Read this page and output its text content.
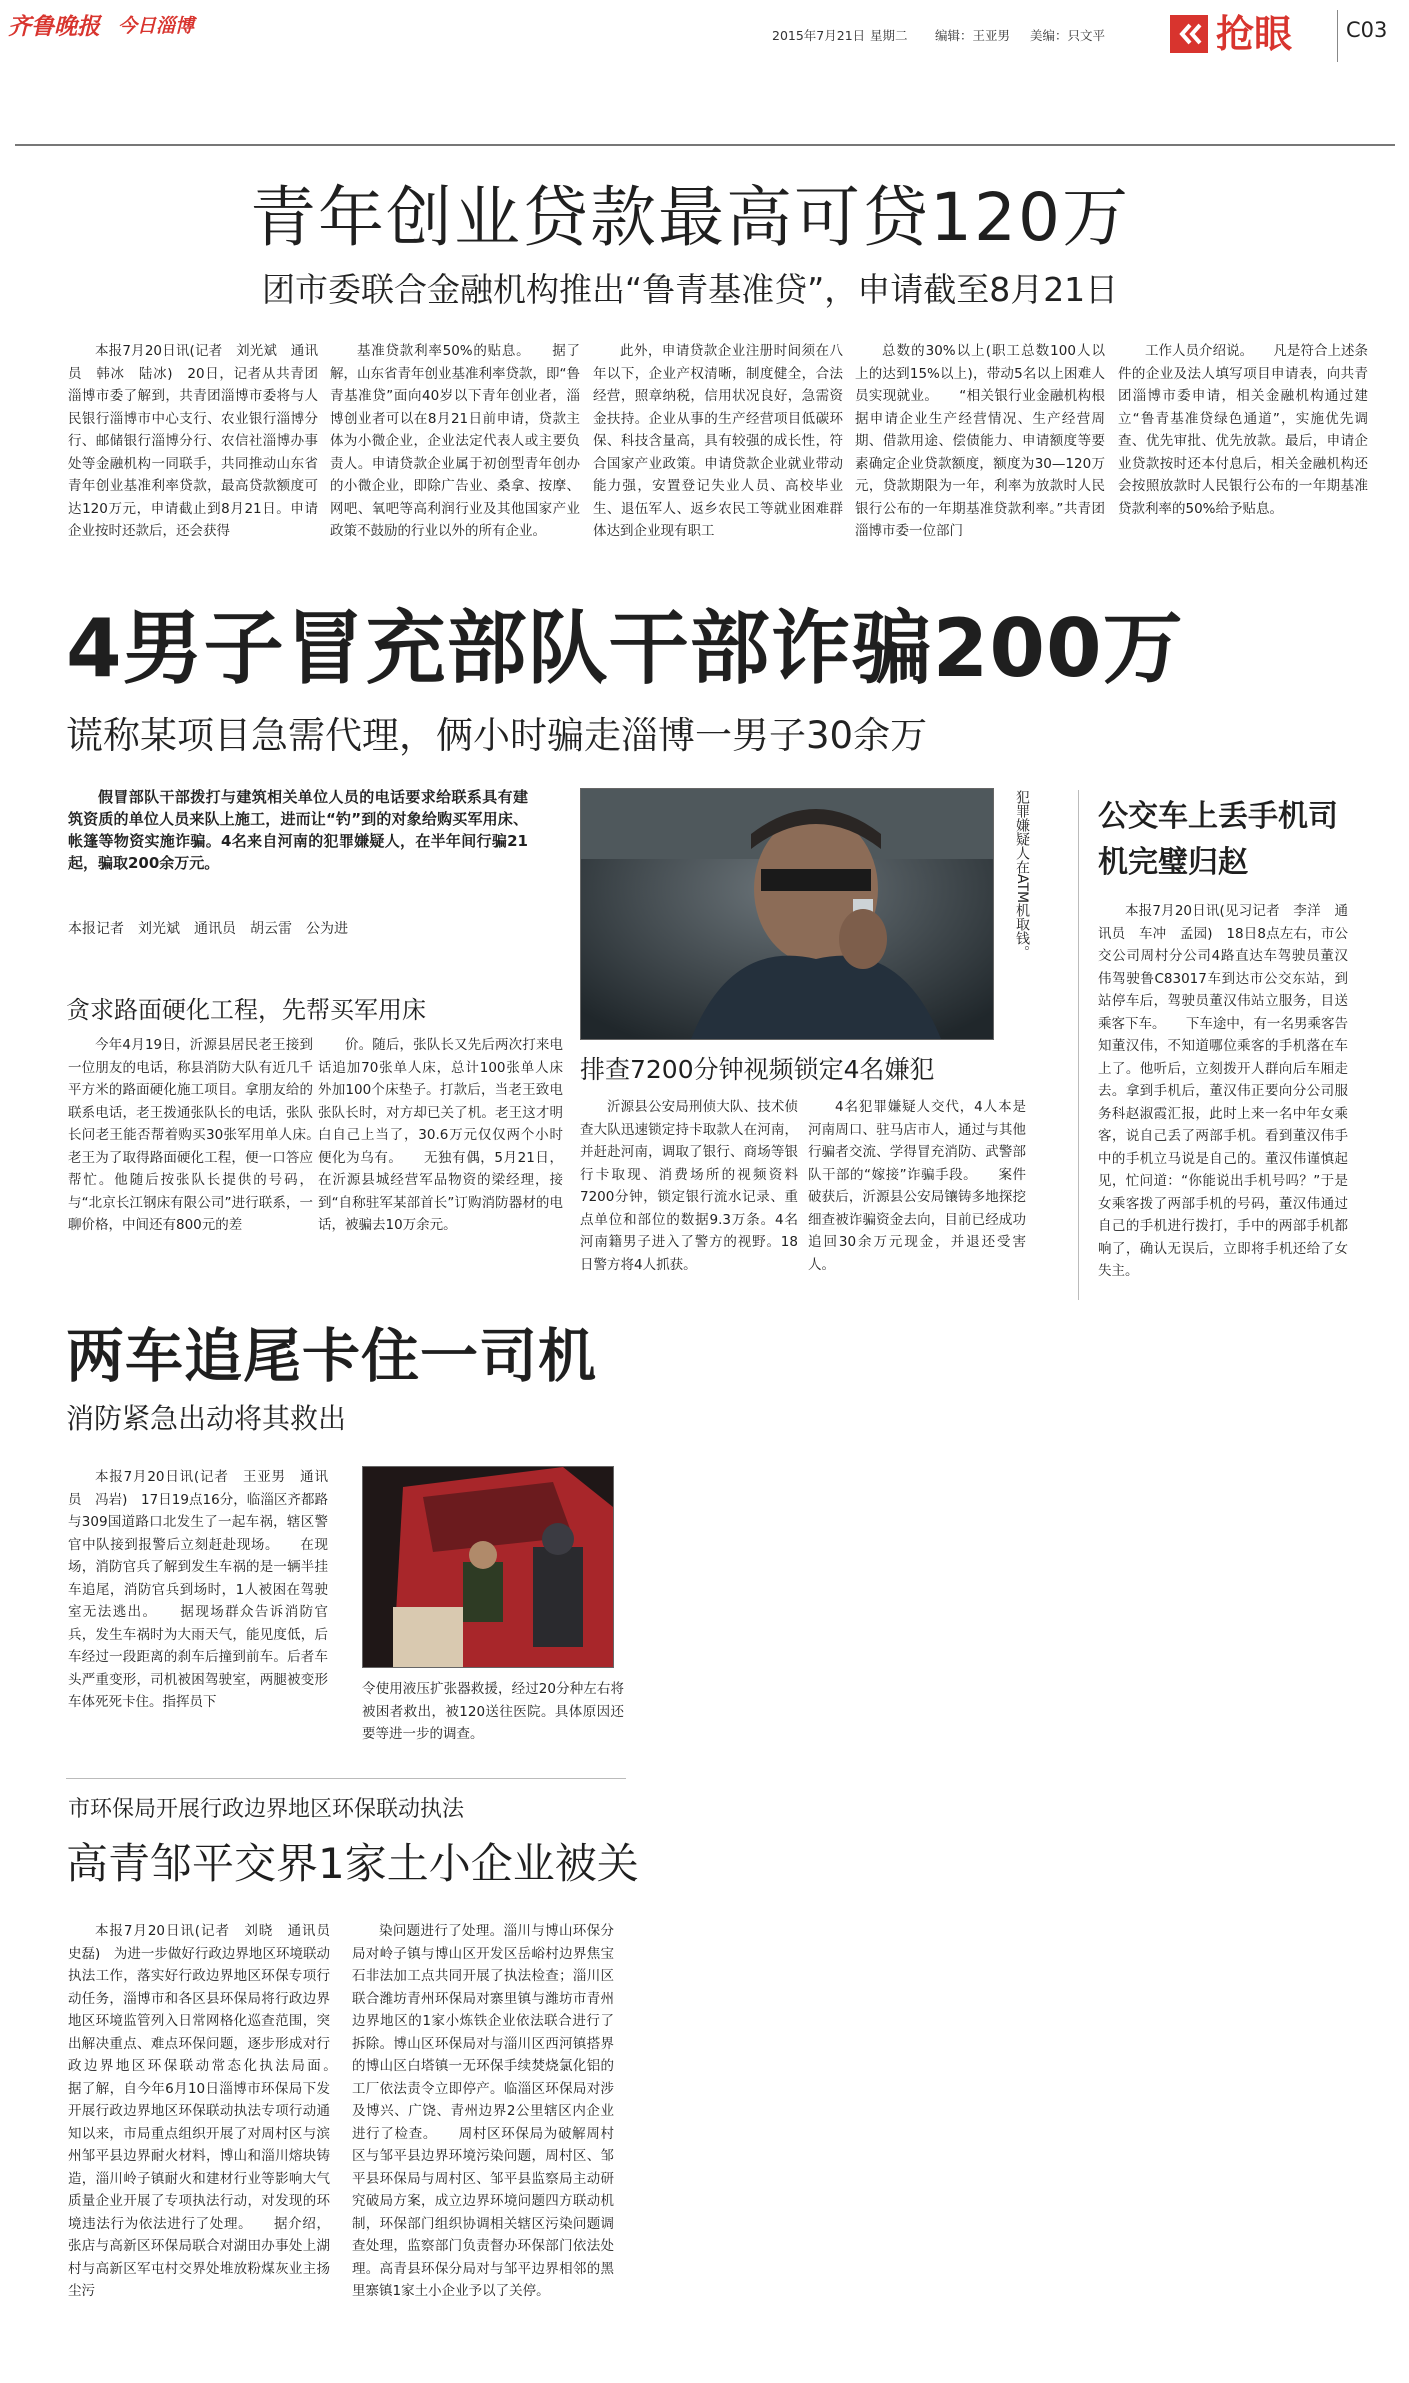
齐鲁晚报 今日淄博	2015年7月21日 星期二 编辑：王亚男 美编：只文平	抢眼	C03
青年创业贷款最高可贷120万
团市委联合金融机构推出“鲁青基准贷”，申请截至8月21日

本报7月20日讯(记者　刘光斌　通讯员　韩冰　陆冰)　20日，记者从共青团淄博市委了解到，共青团淄博市委将与人民银行淄博市中心支行、农业银行淄博分行、邮储银行淄博分行、农信社淄博办事处等金融机构一同联手，共同推动山东省青年创业基准利率贷款，最高贷款额度可达120万元，申请截止到8月21日。申请企业按时还款后，还会获得

基准贷款利率50%的贴息。　　据了解，山东省青年创业基准利率贷款，即“鲁青基准贷”面向40岁以下青年创业者，淄博创业者可以在8月21日前申请，贷款主体为小微企业，企业法定代表人或主要负责人。申请贷款企业属于初创型青年创办的小微企业，即除广告业、桑拿、按摩、网吧、氧吧等高利润行业及其他国家产业政策不鼓励的行业以外的所有企业。

此外，申请贷款企业注册时间须在八年以下，企业产权清晰，制度健全，合法经营，照章纳税，信用状况良好，急需资金扶持。企业从事的生产经营项目低碳环保、科技含量高，具有较强的成长性，符合国家产业政策。申请贷款企业就业带动能力强，安置登记失业人员、高校毕业生、退伍军人、返乡农民工等就业困难群体达到企业现有职工

总数的30%以上(职工总数100人以上的达到15%以上)，带动5名以上困难人员实现就业。　　“相关银行业金融机构根据申请企业生产经营情况、生产经营周期、借款用途、偿债能力、申请额度等要素确定企业贷款额度，额度为30—120万元，贷款期限为一年，利率为放款时人民银行公布的一年期基准贷款利率。”共青团淄博市委一位部门

工作人员介绍说。　　凡是符合上述条件的企业及法人填写项目申请表，向共青团淄博市委申请，相关金融机构通过建立“鲁青基准贷绿色通道”，实施优先调查、优先审批、优先放款。最后，申请企业贷款按时还本付息后，相关金融机构还会按照放款时人民银行公布的一年期基准贷款利率的50%给予贴息。

4男子冒充部队干部诈骗200万
谎称某项目急需代理，俩小时骗走淄博一男子30余万

假冒部队干部拨打与建筑相关单位人员的电话要求给联系具有建筑资质的单位人员来队上施工，进而让“钓”到的对象给购买军用床、帐篷等物资实施诈骗。4名来自河南的犯罪嫌疑人，在半年间行骗21起，骗取200余万元。

本报记者　刘光斌　通讯员　胡云雷　公为进	犯罪嫌疑人在ATM机取钱。
贪求路面硬化工程，先帮买军用床

今年4月19日，沂源县居民老王接到一位朋友的电话，称县消防大队有近几千平方米的路面硬化施工项目。拿朋友给的联系电话，老王拨通张队长的电话，张队长问老王能否帮着购买30张军用单人床。　　老王为了取得路面硬化工程，便一口答应帮忙。他随后按张队长提供的号码，与“北京长江钢床有限公司”进行联系，一聊价格，中间还有800元的差

价。随后，张队长又先后两次打来电话追加70张单人床，总计100张单人床外加100个床垫子。打款后，当老王致电张队长时，对方却已关了机。老王这才明白自己上当了，30.6万元仅仅两个小时便化为乌有。　　无独有偶，5月21日，在沂源县城经营军品物资的梁经理，接到“自称驻军某部首长”订购消防器材的电话，被骗去10万余元。

排查7200分钟视频锁定4名嫌犯

沂源县公安局刑侦大队、技术侦查大队迅速锁定持卡取款人在河南，并赶赴河南，调取了银行、商场等银行卡取现、消费场所的视频资料7200分钟，锁定银行流水记录、重点单位和部位的数据9.3万条。4名河南籍男子进入了警方的视野。18日警方将4人抓获。

4名犯罪嫌疑人交代，4人本是河南周口、驻马店市人，通过与其他行骗者交流、学得冒充消防、武警部队干部的“嫁接”诈骗手段。　　案件破获后，沂源县公安局镶铸多地探挖细查被诈骗资金去向，目前已经成功追回30余万元现金，并退还受害人。

公交车上丢手机司机完璧归赵

本报7月20日讯(见习记者　李洋　通讯员　车冲　孟园)　18日8点左右，市公交公司周村分公司4路直达车驾驶员董汉伟驾驶鲁C83017车到达市公交东站，到站停车后，驾驶员董汉伟站立服务，目送乘客下车。　　下车途中，有一名男乘客告知董汉伟，不知道哪位乘客的手机落在车上了。他听后，立刻拨开人群向后车厢走去。拿到手机后，董汉伟正要向分公司服务科赵淑霞汇报，此时上来一名中年女乘客，说自己丢了两部手机。看到董汉伟手中的手机立马说是自己的。董汉伟谨慎起见，忙问道：“你能说出手机号吗？”于是女乘客拨了两部手机的号码，董汉伟通过自己的手机进行拨打，手中的两部手机都响了，确认无误后，立即将手机还给了女失主。

两车追尾卡住一司机
消防紧急出动将其救出

本报7月20日讯(记者　王亚男　通讯员　冯岩)　17日19点16分，临淄区齐都路与309国道路口北发生了一起车祸，辖区警官中队接到报警后立刻赶赴现场。　　在现场，消防官兵了解到发生车祸的是一辆半挂车追尾，消防官兵到场时，1人被困在驾驶室无法逃出。　　据现场群众告诉消防官兵，发生车祸时为大雨天气，能见度低，后车经过一段距离的刹车后撞到前车。后者车头严重变形，司机被困驾驶室，两腿被变形车体死死卡住。指挥员下

令使用液压扩张器救援，经过20分种左右将被困者救出，被120送往医院。具体原因还要等进一步的调查。

市环保局开展行政边界地区环保联动执法
高青邹平交界1家土小企业被关

本报7月20日讯(记者　刘晓　通讯员　史磊)　为进一步做好行政边界地区环境联动执法工作，落实好行政边界地区环保专项行动任务，淄博市和各区县环保局将行政边界地区环境监管列入日常网格化巡查范围，突出解决重点、难点环保问题，逐步形成对行政边界地区环保联动常态化执法局面。　　据了解，自今年6月10日淄博市环保局下发开展行政边界地区环保联动执法专项行动通知以来，市局重点组织开展了对周村区与滨州邹平县边界耐火材料，博山和淄川熔块铸造，淄川岭子镇耐火和建材行业等影响大气质量企业开展了专项执法行动，对发现的环境违法行为依法进行了处理。　　据介绍，张店与高新区环保局联合对湖田办事处上湖村与高新区军屯村交界处堆放粉煤灰业主扬尘污

染问题进行了处理。淄川与博山环保分局对岭子镇与博山区开发区岳峪村边界焦宝石非法加工点共同开展了执法检查；淄川区联合潍坊青州环保局对寨里镇与潍坊市青州边界地区的1家小炼铁企业依法联合进行了拆除。博山区环保局对与淄川区西河镇搭界的博山区白塔镇一无环保手续焚烧氯化铝的工厂依法责令立即停产。临淄区环保局对涉及博兴、广饶、青州边界2公里辖区内企业进行了检查。　　周村区环保局为破解周村区与邹平县边界环境污染问题，周村区、邹平县环保局与周村区、邹平县监察局主动研究破局方案，成立边界环境问题四方联动机制，环保部门组织协调相关辖区污染问题调查处理，监察部门负责督办环保部门依法处理。高青县环保分局对与邹平边界相邻的黑里寨镇1家土小企业予以了关停。
